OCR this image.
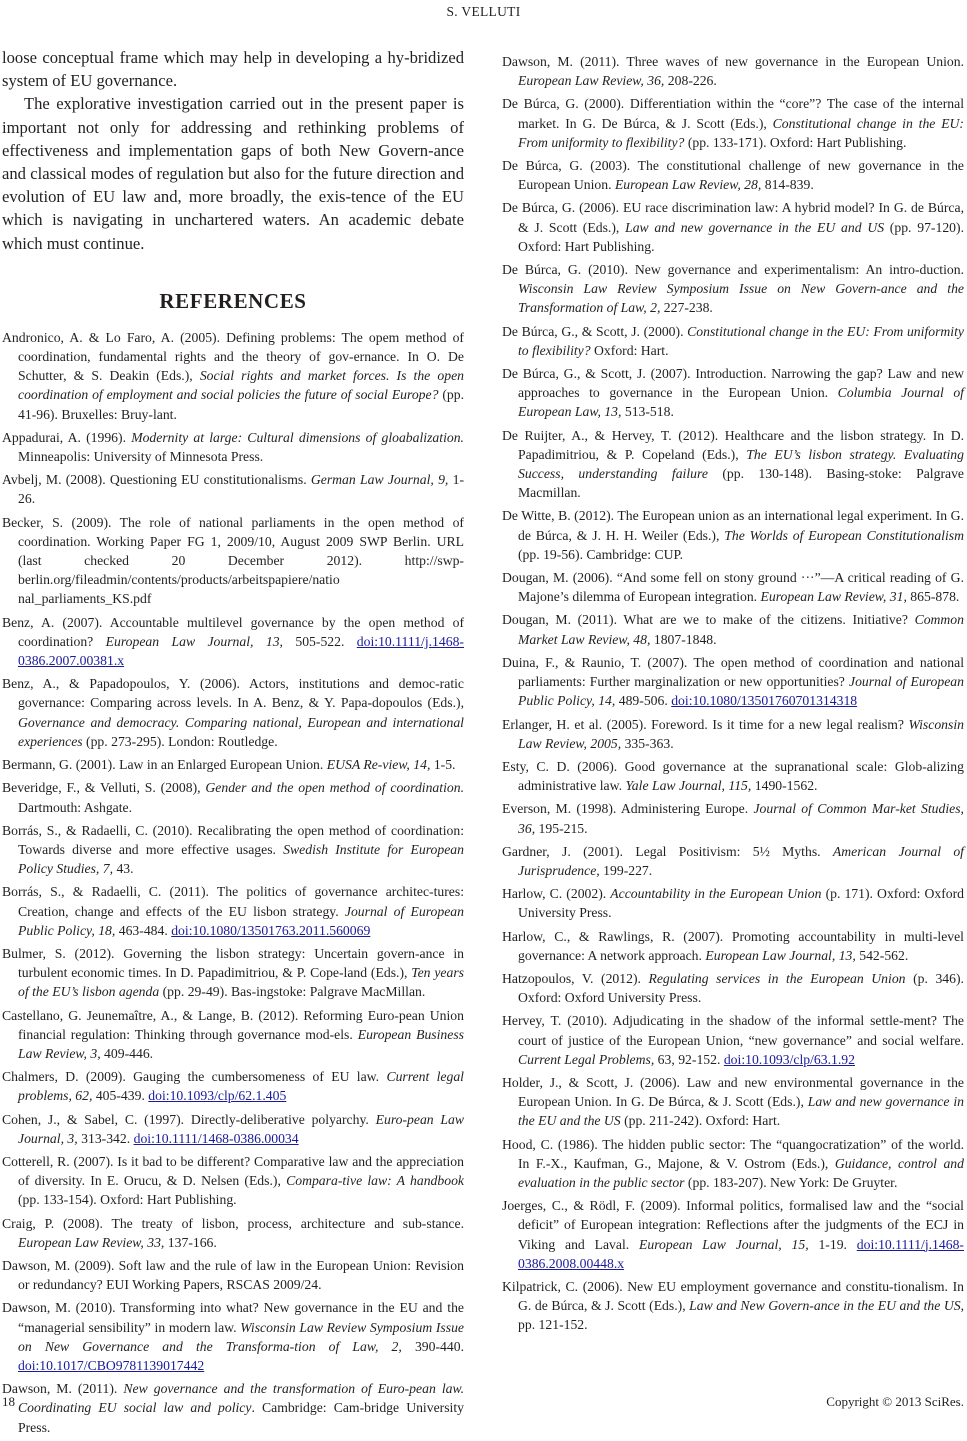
S. VELLUTI

loose conceptual frame which may help in developing a hy-bridized system of EU governance.

The explorative investigation carried out in the present paper is important not only for addressing and rethinking problems of effectiveness and implementation gaps of both New Govern-ance and classical modes of regulation but also for the future direction and evolution of EU law and, more broadly, the exis-tence of the EU which is navigating in unchartered waters. An academic debate which must continue.

REFERENCES

Andronico, A. & Lo Faro, A. (2005). Defining problems: The opem method of coordination, fundamental rights and the theory of gov-ernance. In O. De Schutter, & S. Deakin (Eds.), Social rights and market forces. Is the open coordination of employment and social policies the future of social Europe? (pp. 41-96). Bruxelles: Bruy-lant.

Appadurai, A. (1996). Modernity at large: Cultural dimensions of gloabalization. Minneapolis: University of Minnesota Press.

Avbelj, M. (2008). Questioning EU constitutionalisms. German Law Journal, 9, 1-26.

Becker, S. (2009). The role of national parliaments in the open method of coordination. Working Paper FG 1, 2009/10, August 2009 SWP Berlin. URL (last checked 20 December 2012). http://swp-berlin.org/fileadmin/contents/products/arbeitspapiere/natio nal_parliaments_KS.pdf

Benz, A. (2007). Accountable multilevel governance by the open method of coordination? European Law Journal, 13, 505-522. doi:10.1111/j.1468-0386.2007.00381.x

Benz, A., & Papadopoulos, Y. (2006). Actors, institutions and democ-ratic governance: Comparing across levels. In A. Benz, & Y. Papa-dopoulos (Eds.), Governance and democracy. Comparing national, European and international experiences (pp. 273-295). London: Routledge.

Bermann, G. (2001). Law in an Enlarged European Union. EUSA Re-view, 14, 1-5.

Beveridge, F., & Velluti, S. (2008), Gender and the open method of coordination. Dartmouth: Ashgate.

Borrás, S., & Radaelli, C. (2010). Recalibrating the open method of coordination: Towards diverse and more effective usages. Swedish Institute for European Policy Studies, 7, 43.

Borrás, S., & Radaelli, C. (2011). The politics of governance architec-tures: Creation, change and effects of the EU lisbon strategy. Journal of European Public Policy, 18, 463-484. doi:10.1080/13501763.2011.560069

Bulmer, S. (2012). Governing the lisbon strategy: Uncertain govern-ance in turbulent economic times. In D. Papadimitriou, & P. Cope-land (Eds.), Ten years of the EU’s lisbon agenda (pp. 29-49). Bas-ingstoke: Palgrave MacMillan.

Castellano, G. Jeunemaître, A., & Lange, B. (2012). Reforming Euro-pean Union financial regulation: Thinking through governance mod-els. European Business Law Review, 3, 409-446.

Chalmers, D. (2009). Gauging the cumbersomeness of EU law. Current legal problems, 62, 405-439. doi:10.1093/clp/62.1.405

Cohen, J., & Sabel, C. (1997). Directly-deliberative polyarchy. Euro-pean Law Journal, 3, 313-342. doi:10.1111/1468-0386.00034

Cotterell, R. (2007). Is it bad to be different? Comparative law and the appreciation of diversity. In E. Orucu, & D. Nelsen (Eds.), Compara-tive law: A handbook (pp. 133-154). Oxford: Hart Publishing.

Craig, P. (2008). The treaty of lisbon, process, architecture and sub-stance. European Law Review, 33, 137-166.

Dawson, M. (2009). Soft law and the rule of law in the European Union: Revision or redundancy? EUI Working Papers, RSCAS 2009/24.

Dawson, M. (2010). Transforming into what? New governance in the EU and the “managerial sensibility” in modern law. Wisconsin Law Review Symposium Issue on New Governance and the Transforma-tion of Law, 2, 390-440. doi:10.1017/CBO9781139017442

Dawson, M. (2011). New governance and the transformation of Euro-pean law. Coordinating EU social law and policy. Cambridge: Cam-bridge University Press.

Dawson, M. (2011). Three waves of new governance in the European Union. European Law Review, 36, 208-226.

De Búrca, G. (2000). Differentiation within the “core”? The case of the internal market. In G. De Búrca, & J. Scott (Eds.), Constitutional change in the EU: From uniformity to flexibility? (pp. 133-171). Oxford: Hart Publishing.

De Búrca, G. (2003). The constitutional challenge of new governance in the European Union. European Law Review, 28, 814-839.

De Búrca, G. (2006). EU race discrimination law: A hybrid model? In G. de Búrca, & J. Scott (Eds.), Law and new governance in the EU and US (pp. 97-120). Oxford: Hart Publishing.

De Búrca, G. (2010). New governance and experimentalism: An intro-duction. Wisconsin Law Review Symposium Issue on New Govern-ance and the Transformation of Law, 2, 227-238.

De Búrca, G., & Scott, J. (2000). Constitutional change in the EU: From uniformity to flexibility? Oxford: Hart.

De Búrca, G., & Scott, J. (2007). Introduction. Narrowing the gap? Law and new approaches to governance in the European Union. Columbia Journal of European Law, 13, 513-518.

De Ruijter, A., & Hervey, T. (2012). Healthcare and the lisbon strategy. In D. Papadimitriou, & P. Copeland (Eds.), The EU’s lisbon strategy. Evaluating Success, understanding failure (pp. 130-148). Basing-stoke: Palgrave Macmillan.

De Witte, B. (2012). The European union as an international legal experiment. In G. de Búrca, & J. H. H. Weiler (Eds.), The Worlds of European Constitutionalism (pp. 19-56). Cambridge: CUP.

Dougan, M. (2006). “And some fell on stony ground ···”—A critical reading of G. Majone’s dilemma of European integration. European Law Review, 31, 865-878.

Dougan, M. (2011). What are we to make of the citizens. Initiative? Common Market Law Review, 48, 1807-1848.

Duina, F., & Raunio, T. (2007). The open method of coordination and national parliaments: Further marginalization or new opportunities? Journal of European Public Policy, 14, 489-506. doi:10.1080/13501760701314318

Erlanger, H. et al. (2005). Foreword. Is it time for a new legal realism? Wisconsin Law Review, 2005, 335-363.

Esty, C. D. (2006). Good governance at the supranational scale: Glob-alizing administrative law. Yale Law Journal, 115, 1490-1562.

Everson, M. (1998). Administering Europe. Journal of Common Mar-ket Studies, 36, 195-215.

Gardner, J. (2001). Legal Positivism: 5½ Myths. American Journal of Jurisprudence, 199-227.

Harlow, C. (2002). Accountability in the European Union (p. 171). Oxford: Oxford University Press.

Harlow, C., & Rawlings, R. (2007). Promoting accountability in multi-level governance: A network approach. European Law Journal, 13, 542-562.

Hatzopoulos, V. (2012). Regulating services in the European Union (p. 346). Oxford: Oxford University Press.

Hervey, T. (2010). Adjudicating in the shadow of the informal settle-ment? The court of justice of the European Union, “new governance” and social welfare. Current Legal Problems, 63, 92-152. doi:10.1093/clp/63.1.92

Holder, J., & Scott, J. (2006). Law and new environmental governance in the European Union. In G. De Búrca, & J. Scott (Eds.), Law and new governance in the EU and the US (pp. 211-242). Oxford: Hart.

Hood, C. (1986). The hidden public sector: The “quangocratization” of the world. In F.-X., Kaufman, G., Majone, & V. Ostrom (Eds.), Guidance, control and evaluation in the public sector (pp. 183-207). New York: De Gruyter.

Joerges, C., & Rödl, F. (2009). Informal politics, formalised law and the “social deficit” of European integration: Reflections after the judgments of the ECJ in Viking and Laval. European Law Journal, 15, 1-19. doi:10.1111/j.1468-0386.2008.00448.x

Kilpatrick, C. (2006). New EU employment governance and constitu-tionalism. In G. de Búrca, & J. Scott (Eds.), Law and New Govern-ance in the EU and the US, pp. 121-152.

18	Copyright © 2013 SciRes.
